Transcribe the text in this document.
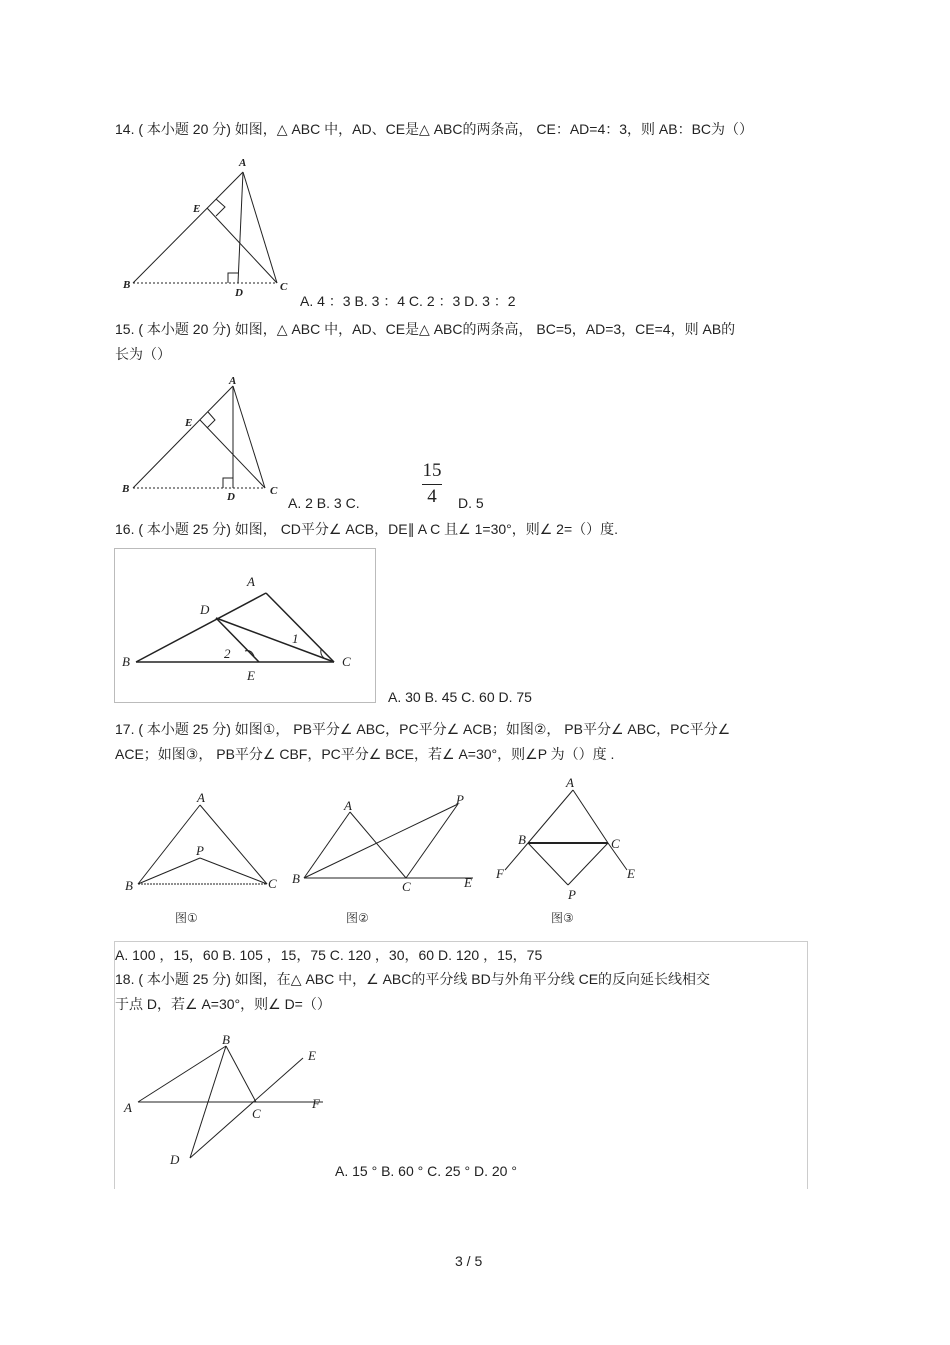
14. ( 本小题 20 分) 如图，△ ABC 中，AD、CE是△ ABC的两条高， CE：AD=4：3，则 AB：BC为（）
A
B	C
D
E
A. 4 ：3 B. 3 ：4 C. 2 ：3 D. 3 ：2
15. ( 本小题 20 分) 如图，△ ABC 中，AD、CE是△ ABC的两条高， BC=5，AD=3，CE=4，则 AB的
长为（）
A
B	C
D
E
A. 2 B. 3 C.
15
4	D. 5
16. ( 本小题 25 分) 如图， CD平分∠ ACB，DE∥ A C 且∠ 1=30°，则∠ 2=（）度.
B
A
C
D
E
1
2
A. 30 B. 45 C. 60 D. 75
17. ( 本小题 25 分) 如图①， PB平分∠ ABC，PC平分∠ ACB；如图②， PB平分∠ ABC，PC平分∠
ACE；如图③， PB平分∠ CBF，PC平分∠ BCE，若∠ A=30°，则∠P 为（）度 .
A
B	C
P
图①
A
B
C	E
P
图②
A
B	C
E
F
P
图③
A. 100 ，15，60 B. 105 ，15，75 C. 120 ，30，60 D. 120 ，15，75
18. ( 本小题 25 分) 如图，在△ ABC 中，∠ ABC的平分线 BD与外角平分线 CE的反向延长线相交
于点 D，若∠ A=30°，则∠ D=（）
A
B
C
D
E
F
A. 15 ° B. 60 ° C. 25 ° D. 20 °
3 / 5
